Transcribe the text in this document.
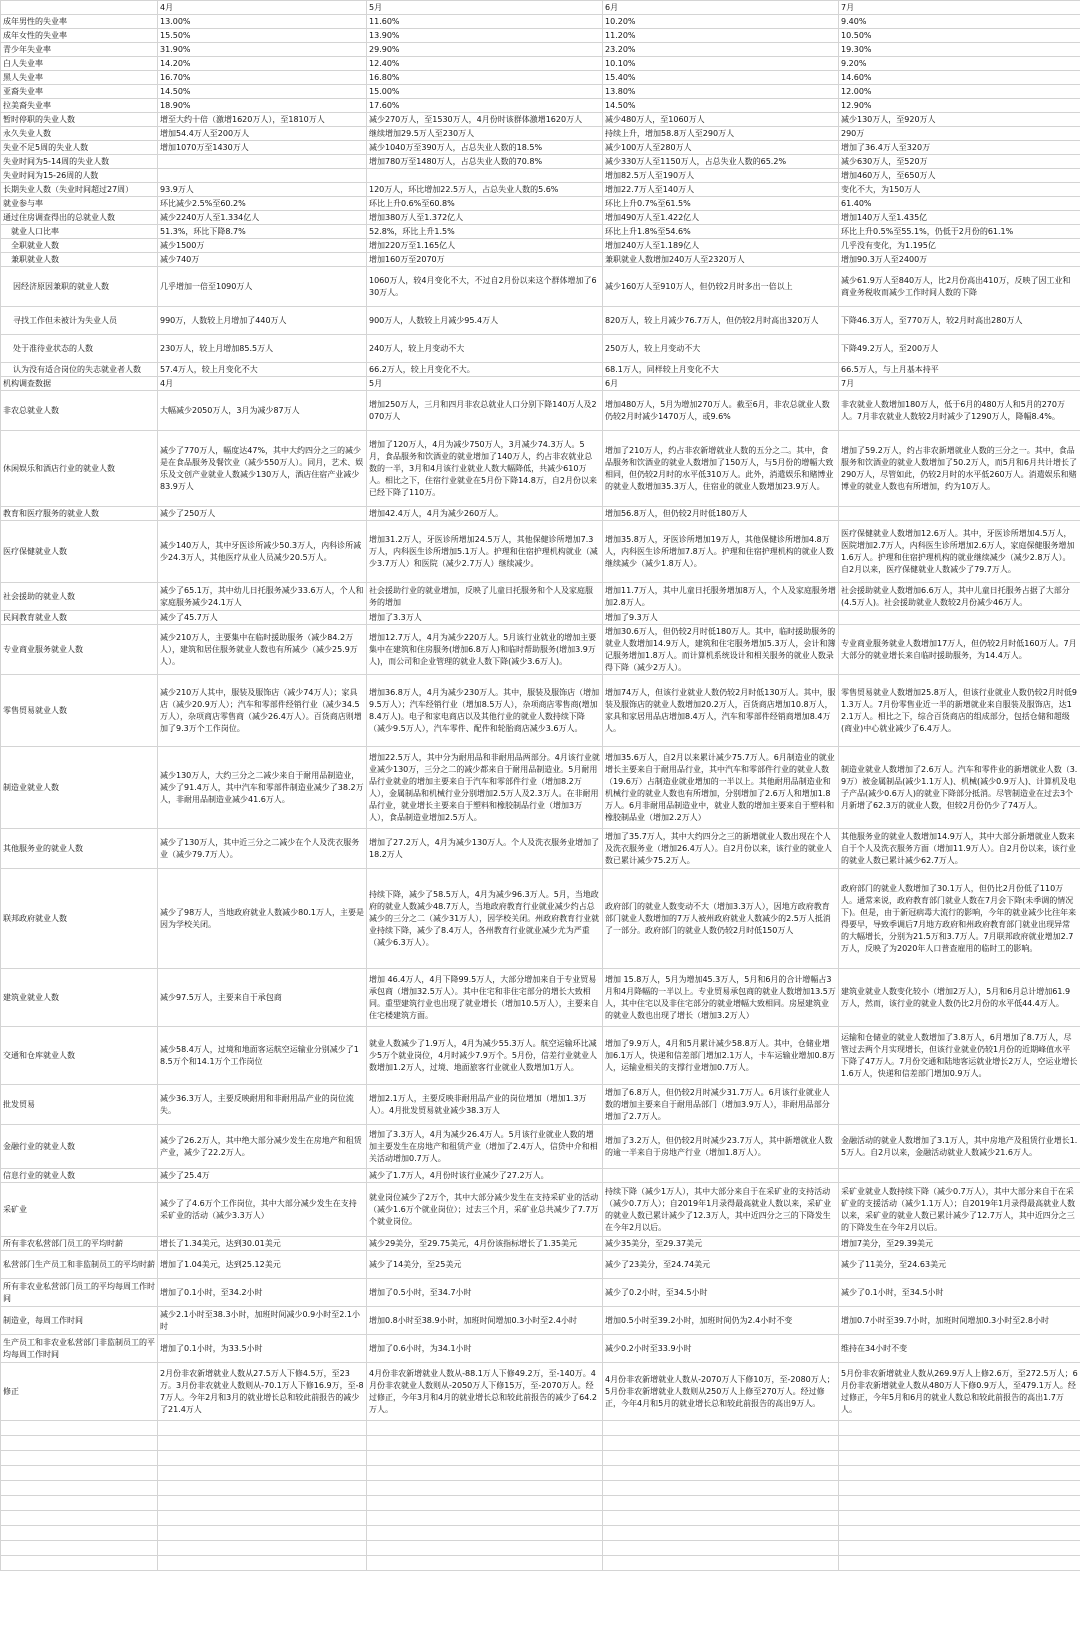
	4月	5月	6月	7月
成年男性的失业率	13.00%	11.60%	10.20%	9.40%
成年女性的失业率	15.50%	13.90%	11.20%	10.50%
青少年失业率	31.90%	29.90%	23.20%	19.30%
白人失业率	14.20%	12.40%	10.10%	9.20%
黑人失业率	16.70%	16.80%	15.40%	14.60%
亚裔失业率	14.50%	15.00%	13.80%	12.00%
拉美裔失业率	18.90%	17.60%	14.50%	12.90%
暂时停职的失业人数	增至大约十倍（激增1620万人），至1810万人	减少270万人，至1530万人，4月份时该群体激增1620万人	减少480万人，至1060万人	减少130万人，至920万人
永久失业人数	增加54.4万人至200万人	继续增加29.5万人至230万人	持续上升，增加58.8万人至290万人	290万
失业不足5周的失业人数	增加1070万至1430万人	减少1040万至390万人，占总失业人数的18.5%	减少100万人至280万人	增加了36.4万人至320万
失业时间为5-14周的失业人数		增加780万至1480万人，占总失业人数的70.8%	减少330万人至1150万人，占总失业人数的65.2%	减少630万人，至520万
失业时间为15-26周的人数			增加82.5万人至190万人	增加460万人，至650万人
长期失业人数（失业时间超过27周）	93.9万人	120万人，环比增加22.5万人，占总失业人数的5.6%	增加22.7万人至140万人	变化不大，为150万人
就业参与率	环比减少2.5%至60.2%	环比上升0.6%至60.8%	环比上升0.7%至61.5%	61.40%
通过住房调查得出的总就业人数	减少2240万人至1.334亿人	增加380万人至1.372亿人	增加490万人至1.422亿人	增加140万人至1.435亿
就业人口比率	51.3%，环比下降8.7%	52.8%，环比上升1.5%	环比上升1.8%至54.6%	环比上升0.5%至55.1%，仍低于2月份的61.1%
全职就业人数	减少1500万	增加220万至1.165亿人	增加240万人至1.189亿人	几乎没有变化，为1.195亿
兼职就业人数	减少740万	增加160万至2070万	兼职就业人数增加240万人至2320万人	增加90.3万人至2400万
因经济原因兼职的就业人数	几乎增加一倍至1090万人	1060万人，较4月变化不大，不过自2月份以来这个群体增加了630万人。	减少160万人至910万人，但仍较2月时多出一倍以上	减少61.9万人至840万人，比2月份高出410万，反映了因工业和商业务税收而减少工作时间人数的下降
寻找工作但未被计为失业人员	990万，人数较上月增加了440万人	900万人，人数较上月减少95.4万人	820万人，较上月减少76.7万人，但仍较2月时高出320万人	下降46.3万人，至770万人，较2月时高出280万人
处于准待业状态的人数	230万人，较上月增加85.5万人	240万人，较上月变动不大	250万人，较上月变动不大	下降49.2万人，至200万人
认为没有适合岗位的失志就业者人数	57.4万人，较上月变化不大	66.2万人，较上月变化不大。	68.1万人，同样较上月变化不大	66.5万人，与上月基本持平
机构调查数据	4月	5月	6月	7月
非农总就业人数	大幅减少2050万人，3月为减少87万人	增加250万人，三月和四月非农总就业人口分别下降140万人及2070万人	增加480万人，5月为增加270万人。截至6月，非农总就业人数仍较2月时减少1470万人，或9.6%	非农就业人数增加180万人，低于6月的480万人和5月的270万人。7月非农就业人数较2月时减少了1290万人，降幅8.4%。
休闲娱乐和酒店行业的就业人数	减少了770万人，幅度达47%，其中大约四分之三的减少是在食品服务及餐饮业（减少550万人）。同月，艺术、娱乐及文创产业就业人数减少130万人，酒店住宿产业减少83.9万人	增加了120万人，4月为减少750万人，3月减少74.3万人。5月，食品服务和饮酒业的就业增加了140万人，约占非农就业总数的一半，3月和4月该行业就业人数大幅降低，共减少610万人。相比之下，住宿行业就业在5月份下降14.8万，自2月份以来已经下降了110万。	增加了210万人，约占非农新增就业人数的五分之二。其中，食品服务和饮酒业的就业人数增加了150万人，与5月份的增幅大致相同，但仍较2月时的水平低310万人。此外，消遣娱乐和赌博业的就业人数增加35.3万人，住宿业的就业人数增加23.9万人。	增加了59.2万人，约占非农新增就业人数的三分之一。其中，食品服务和饮酒业的就业人数增加了50.2万人，而5月和6月共计增长了290万人，尽管如此，仍较2月时的水平低260万人。消遣娱乐和赌博业的就业人数也有所增加，约为10万人。
教育和医疗服务的就业人数	减少了250万人	增加42.4万人，4月为减少260万人。	增加56.8万人，但仍较2月时低180万人	
医疗保健就业人数	减少140万人，其中牙医诊所减少50.3万人，内科诊所减少24.3万人，其他医疗从业人员减少20.5万人。	增加31.2万人，牙医诊所增加24.5万人，其他保健诊所增加7.3万人，内科医生诊所增加5.1万人。护理和住宿护理机构就业（减少3.7万人）和医院（减少2.7万人）继续减少。	增加35.8万人，牙医诊所增加19万人，其他保健诊所增加4.8万人，内科医生诊所增加7.8万人。护理和住宿护理机构的就业人数继续减少（减少1.8万人）。	医疗保健就业人数增加12.6万人。其中，牙医诊所增加4.5万人，医院增加2.7万人，内科医生诊所增加2.6万人，家庭保健服务增加1.6万人。护理和住宿护理机构的就业继续减少（减少2.8万人）。自2月以来，医疗保健就业人数减少了79.7万人。
社会援助的就业人数	减少了65.1万，其中幼儿日托服务减少33.6万人，个人和家庭服务减少24.1万人	社会援助行业的就业增加，反映了儿童日托服务和个人及家庭服务的增加	增加11.7万人，其中儿童日托服务增加8万人，个人及家庭服务增加2.8万人。	社会援助就业人数增加6.6万人，其中儿童日托服务占据了大部分(4.5万人)。社会援助就业人数较2月份减少46万人。
民间教育就业人数	减少了45.7万人	增加了3.3万人	增加了9.3万人	
专业商业服务就业人数	减少210万人，主要集中在临时援助服务（减少84.2万人），建筑和居住服务就业人数也有所减少（减少25.9万人）。	增加12.7万人，4月为减少220万人。5月该行业就业的增加主要集中在建筑和住房服务(增加6.8万人)和临时帮助服务(增加3.9万人)，而公司和企业管理的就业人数下降(减少3.6万人)。	增加30.6万人，但仍较2月时低180万人。其中，临时援助服务的就业人数增加14.9万人，建筑和住宅服务增加5.3万人，会计和簿记服务增加1.8万人。而计算机系统设计和相关服务的就业人数录得下降（减少2万人）。	专业商业服务就业人数增加17万人，但仍较2月时低160万人。7月大部分的就业增长来自临时援助服务，为14.4万人。
零售贸易就业人数	减少210万人其中，服装及服饰店（减少74万人）；家具店（减少20.9万人）；汽车和零部件经销行业（减少34.5万人），杂项商店零售商（减少26.4万人）。百货商店则增加了9.3万个工作岗位。	增加36.8万人，4月为减少230万人。其中，服装及服饰店（增加9.5万人）；汽车经销行业（增加8.5万人），杂项商店零售商(增加8.4万人)。电子和家电商店以及其他行业的就业人数持续下降（减少9.5万人），汽车零件、配件和轮胎商店减少3.6万人。	增加74万人，但该行业就业人数仍较2月时低130万人。其中，服装及服饰店的就业人数增加20.2万人，百货商店增加10.8万人，家具和家居用品店增加8.4万人，汽车和零部件经销商增加8.4万人。	零售贸易就业人数增加25.8万人，但该行业就业人数仍较2月时低91.3万人。7月份零售业近一半的新增就业来自服装及服饰店，达12.1万人。相比之下，综合百货商店的组成部分，包括仓储和超级(商业)中心就业减少了6.4万人。
制造业就业人数	减少130万人，大约三分之二减少来自于耐用品制造业，减少了91.4万人，其中汽车和零部件制造业减少了38.2万人，非耐用品制造业减少41.6万人。	增加22.5万人，其中分为耐用品和非耐用品两部分。4月该行业就业减少130万，三分之二的减少都来自于耐用品制造业。5月耐用品行业就业的增加主要来自于汽车和零部件行业（增加8.2万人），金属制品和机械行业分别增加2.5万人及2.3万人。在非耐用品行业，就业增长主要来自于塑料和橡胶制品行业（增加3万人），食品制造业增加2.5万人。	增加35.6万人，自2月以来累计减少75.7万人。6月制造业的就业增长主要来自于耐用品行业，其中汽车和零部件行业的就业人数（19.6万）占制造业就业增加的一半以上。其他耐用品制造业和机械行业的就业人数也有所增加，分别增加了2.6万人和增加1.8万人。6月非耐用品制造业中，就业人数的增加主要来自于塑料和橡胶制品业（增加2.2万人）	制造业就业人数增加了2.6万人。汽车和零件业的新增就业人数（3.9万）被金属制品(减少1.1万人)、机械(减少0.9万人)、计算机及电子产品(减少0.6万人)的就业下降部分抵消。尽管制造业在过去3个月新增了62.3万的就业人数，但较2月份仍少了74万人。
其他服务业的就业人数	减少了130万人，其中近三分之二减少在个人及洗衣服务业（减少79.7万人）。	增加了27.2万人，4月为减少130万人。个人及洗衣服务业增加了18.2万人	增加了35.7万人，其中大约四分之三的新增就业人数出现在个人及洗衣服务业（增加26.4万人）。自2月份以来，该行业的就业人数已累计减少75.2万人。	其他服务业的就业人数增加14.9万人，其中大部分新增就业人数来自于个人及洗衣服务方面（增加11.9万人）。自2月份以来，该行业的就业人数已累计减少62.7万人。
联邦政府就业人数	减少了98万人，当地政府就业人数减少80.1万人，主要是因为学校关闭。	持续下降，减少了58.5万人，4月为减少96.3万人。5月，当地政府的就业人数减少48.7万人，当地政府教育行业就业减少约占总减少的三分之二（减少31万人），因学校关闭。州政府教育行业就业持续下降，减少了8.4万人，各州教育行业就业减少尤为严重（减少6.3万人）。	政府部门的就业人数变动不大（增加3.3万人），因地方政府教育部门就业人数增加的7万人被州政府就业人数减少的2.5万人抵消了一部分。政府部门的就业人数仍较2月时低150万人	政府部门的就业人数增加了30.1万人，但仍比2月份低了110万人。通常来说，政府教育部门就业人数在7月会下降(未季调的情况下)。但是，由于新冠病毒大流行的影响，今年的就业减少比往年来得要早，导致季调后7月地方政府和州政府教育部门就业出现异常的大幅增长，分别为21.5万和3.7万人。7月联邦政府就业增加2.7万人，反映了为2020年人口普查雇用的临时工的影响。
建筑业就业人数	减少97.5万人，主要来自于承包商	增加 46.4万人，4月下降99.5万人，大部分增加来自于专业贸易承包商（增加32.5万人）。其中住宅和非住宅部分的增长大致相同。重型建筑行业也出现了就业增长（增加10.5万人），主要来自住宅楼建筑方面。	增加 15.8万人，5月为增加45.3万人，5月和6月的合计增幅占3月和4月降幅的一半以上。专业贸易承包商的就业人数增加13.5万人，其中住宅以及非住宅部分的就业增幅大致相同。房屋建筑业的就业人数也出现了增长（增加3.2万人）	建筑业就业人数变化较小（增加2万人），5月和6月总计增加61.9万人，然而，该行业的就业人数仍比2月份的水平低44.4万人。
交通和仓库就业人数	减少58.4万人，过境和地面客运航空运输业分别减少了18.5万个和14.1万个工作岗位	就业人数减少了1.9万人，4月为减少55.3万人。航空运输环比减少5万个就业岗位，4月时减少7.9万个。5月份，信差行业就业人数增加1.2万人，过境、地面旅客行业就业人数增加1万人。	增加了9.9万人，4月和5月累计减少58.8万人。其中，仓储业增加6.1万人，快递和信差部门增加2.1万人，卡车运输业增加0.8万人，运输业相关的支撑行业增加0.7万人。	运输和仓储业的就业人数增加了3.8万人，6月增加了8.7万人，尽管过去两个月实现增长，但该行业就业仍较1月份的近期峰值水平下降了47万人。7月份交通和陆地客运就业增长2万人，空运业增长1.6万人，快递和信差部门增加0.9万人。
批发贸易	减少36.3万人，主要反映耐用和非耐用品产业的岗位流失。	增加2.1万人，主要反映非耐用品产业的岗位增加（增加1.3万人）。4月批发贸易就业减少38.3万人	增加了6.8万人，但仍较2月时减少31.7万人。6月该行业就业人数的增加主要来自于耐用品部门（增加3.9万人），非耐用品部分增加了2.7万人。	
金融行业的就业人数	减少了26.2万人，其中绝大部分减少发生在房地产和租赁产业，减少了22.2万人。	增加了3.3万人，4月为减少26.4万人。5月该行业就业人数的增加主要发生在房地产和租赁产业（增加了2.4万人，信贷中介和相关活动增加0.7万人。	增加了3.2万人，但仍较2月时减少23.7万人，其中新增就业人数的逾一半来自于房地产行业（增加1.8万人）。	金融活动的就业人数增加了3.1万人，其中房地产及租赁行业增长1.5万人。自2月以来，金融活动就业人数减少21.6万人。
信息行业的就业人数	减少了25.4万	减少了1.7万人，4月份时该行业减少了27.2万人。		
采矿业	减少了了4.6万个工作岗位，其中大部分减少发生在支持采矿业的活动（减少3.3万人）	就业岗位减少了2万个，其中大部分减少发生在支持采矿业的活动（减少1.6万个就业岗位）；过去三个月，采矿业总共减少了7.7万个就业岗位。	持续下降（减少1万人），其中大部分来自于在采矿业的支持活动（减少0.7万人）；自2019年1月录得最高就业人数以来，采矿业的就业人数已累计减少了12.3万人，其中近四分之三的下降发生在今年2月以后。	采矿业就业人数持续下降（减少0.7万人），其中大部分来自于在采矿业的支援活动（减少1.1万人）；自2019年1月录得最高就业人数以来，采矿业的就业人数已累计减少了12.7万人，其中近四分之三的下降发生在今年2月以后。
所有非农私营部门员工的平均时薪	增长了1.34美元，达到30.01美元	减少29美分，至29.75美元，4月份该指标增长了1.35美元	减少35美分，至29.37美元	增加7美分，至29.39美元
私营部门生产员工和非监制员工的平均时薪	增加了1.04美元，达到25.12美元	减少了14美分，至25美元	减少了23美分，至24.74美元	减少了11美分，至24.63美元
所有非农业私营部门员工的平均每周工作时间	增加了0.1小时，至34.2小时	增加了0.5小时，至34.7小时	减少了0.2小时，至34.5小时	减少了0.1小时，至34.5小时
制造业，每周工作时间	减少2.1小时至38.3小时，加班时间减少0.9小时至2.1小时	增加0.8小时至38.9小时，加班时间增加0.3小时至2.4小时	增加0.5小时至39.2小时，加班时间仍为2.4小时不变	增加0.7小时至39.7小时，加班时间增加0.3小时至2.8小时
生产员工和非农业私营部门非监制员工的平均每周工作时间	增加了0.1小时，为33.5小时	增加了0.6小时，为34.1小时	减少0.2小时至33.9小时	维持在34小时不变
修正	2月份非农新增就业人数从27.5万人下修4.5万，至23万。3月份非农就业人数则从-70.1万人下修16.9万，至-87万人。今年2月和3月的就业增长总和较此前报告的减少了21.4万人	4月份非农新增就业人数从-88.1万人下修49.2万，至-140万。4月份非农就业人数则从-2050万人下修15万，至-2070万人。经过修正，今年3月和4月的就业增长总和较此前报告的减少了64.2万人。	4月份非农新增就业人数从-2070万人下修10万，至-2080万人；5月份非农新增就业人数则从250万人上修至270万人。经过修正，今年4月和5月的就业增长总和较此前报告的高出9万人。	5月份非农新增就业人数从269.9万人上修2.6万，至272.5万人；6月份非农新增就业人数从480万人下修0.9万人，至479.1万人。经过修正，今年5月和6月的就业人数总和较此前报告的高出1.7万人。
